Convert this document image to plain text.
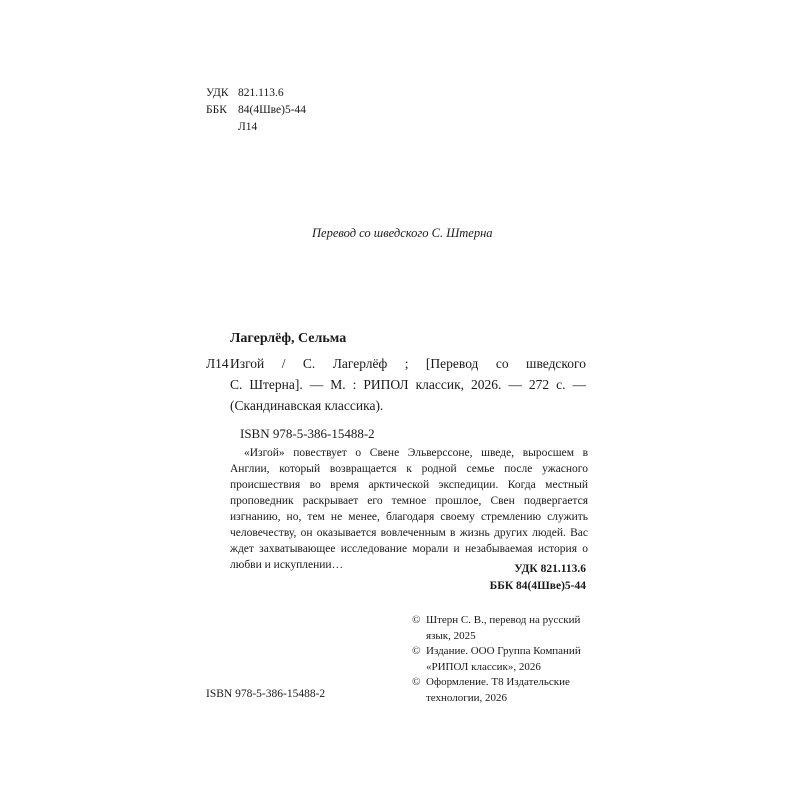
УДК 821.113.6
ББК 84(4Шве)5-44
Л14
Перевод со шведского С. Штерна
Лагерлёф, Сельма
Л14 Изгой / С. Лагерлёф ; [Перевод со шведского
С. Штерна]. — М. : РИПОЛ классик, 2026. — 272 с. —
(Скандинавская классика).
ISBN 978-5-386-15488-2
«Изгой» повествует о Свене Эльверссоне, шведе, выросшем в Англии, который возвращается к родной семье после ужасного происшествия во время арктической экспедиции. Когда местный проповедник раскрывает его темное прошлое, Свен подвергается изгнанию, но, тем не менее, благодаря своему стремлению служить человечеству, он оказывается вовлеченным в жизнь других людей. Вас ждет захватывающее исследование морали и незабываемая история о любви и искуплении…	УДК 821.113.6
ББК 84(4Шве)5-44
© Штерн С. В., перевод на русский язык, 2025
© Издание. ООО Группа Компаний «РИПОЛ классик», 2026
© Оформление. Т8 Издательские технологии, 2026
ISBN 978-5-386-15488-2
